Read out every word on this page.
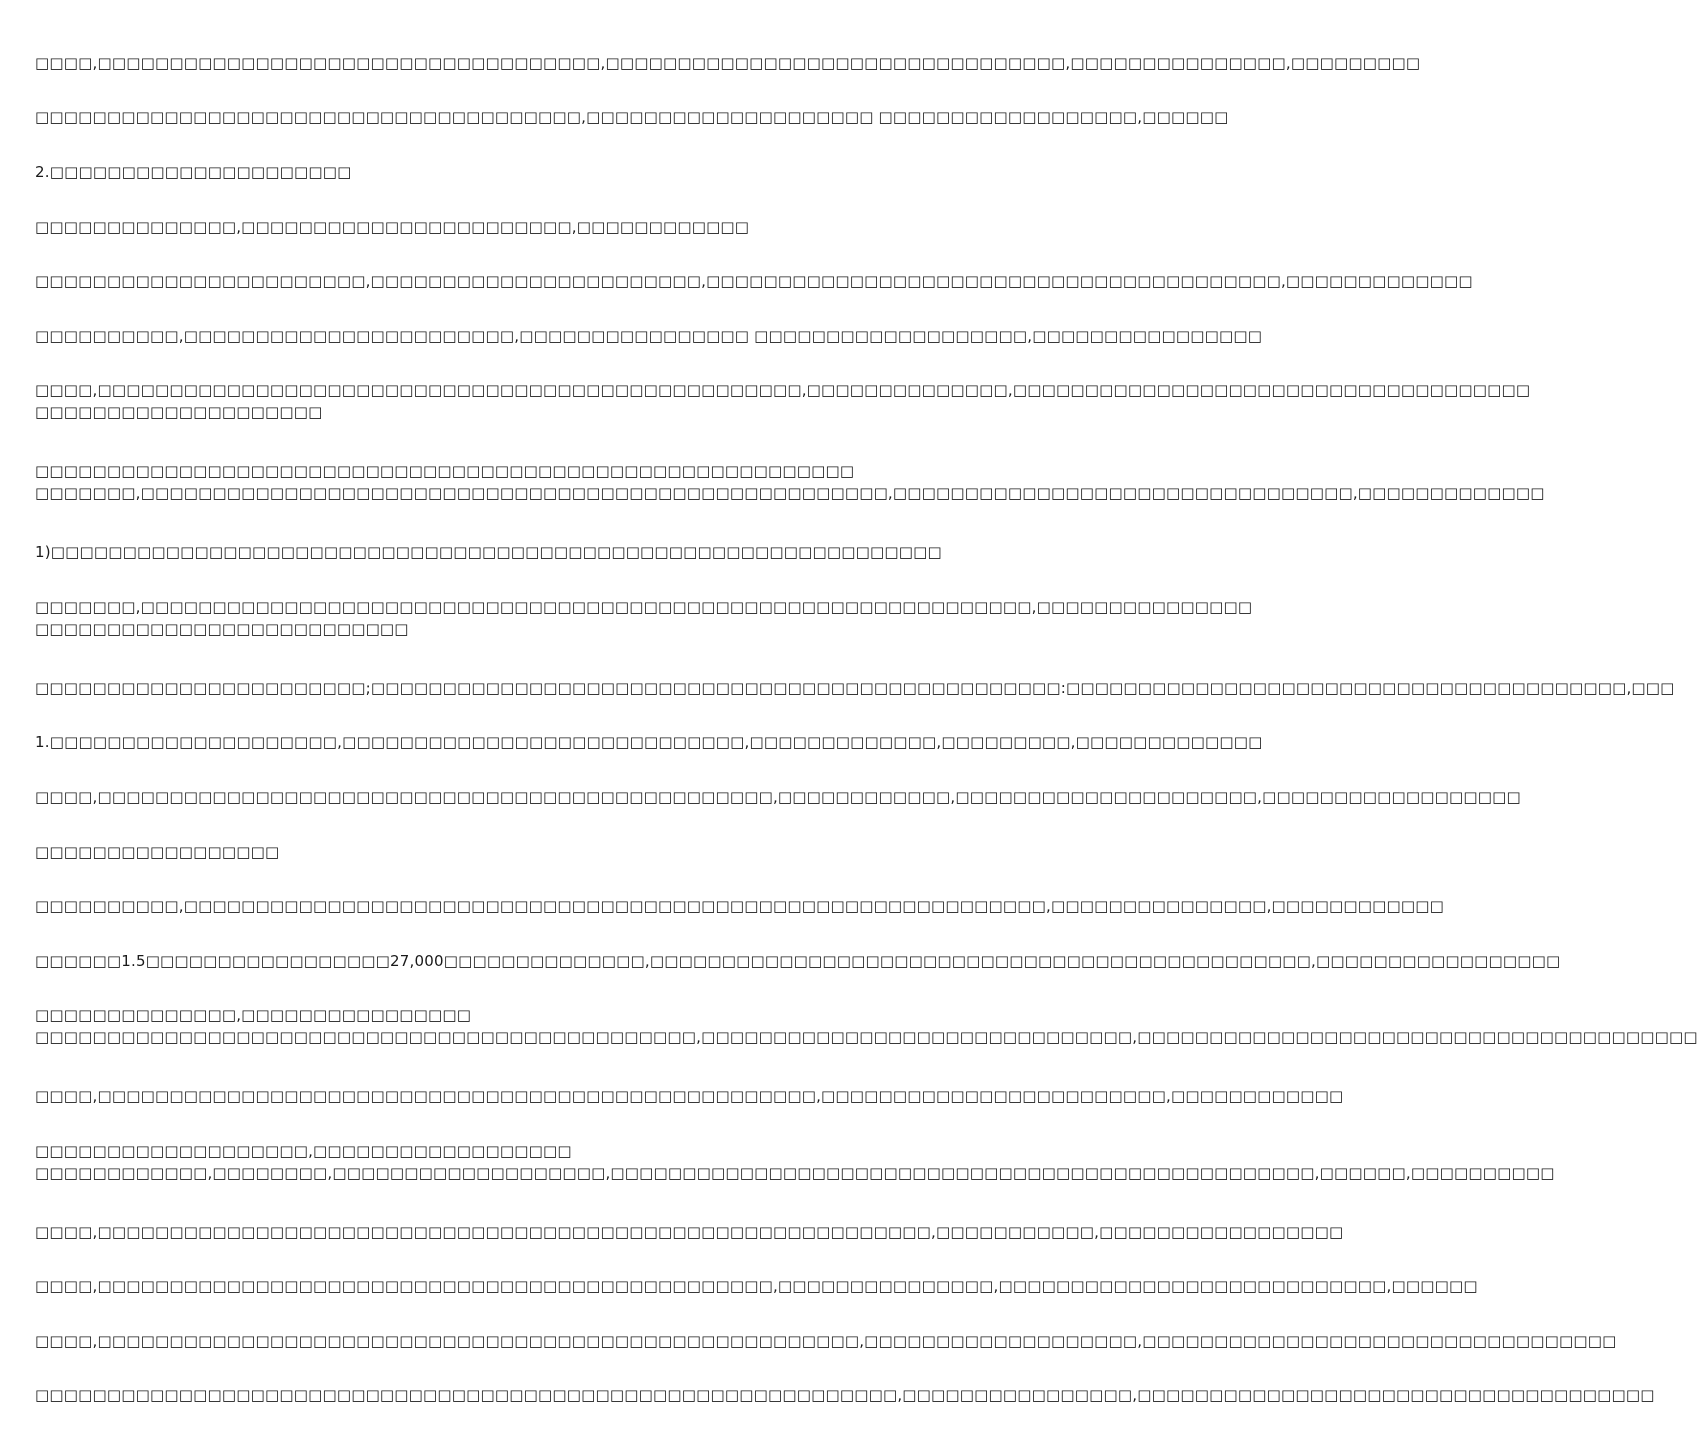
□□□□,□□□□□□□□□□□□□□□□□□□□□□□□□□□□□□□□□□□,□□□□□□□□□□□□□□□□□□□□□□□□□□□□□□□□,□□□□□□□□□□□□□□□,□□□□□□□□□
□□□□□□□□□□□□□□□□□□□□□□□□□□□□□□□□□□□□□□,□□□□□□□□□□□□□□□□□□□□ □□□□□□□□□□□□□□□□□□,□□□□□□
2.□□□□□□□□□□□□□□□□□□□□□
□□□□□□□□□□□□□□,□□□□□□□□□□□□□□□□□□□□□□□,□□□□□□□□□□□□
□□□□□□□□□□□□□□□□□□□□□□□,□□□□□□□□□□□□□□□□□□□□□□□,□□□□□□□□□□□□□□□□□□□□□□□□□□□□□□□□□□□□□□□□,□□□□□□□□□□□□□
□□□□□□□□□□,□□□□□□□□□□□□□□□□□□□□□□□,□□□□□□□□□□□□□□□□ □□□□□□□□□□□□□□□□□□□,□□□□□□□□□□□□□□□□
□□□□,□□□□□□□□□□□□□□□□□□□□□□□□□□□□□□□□□□□□□□□□□□□□□□□□□,□□□□□□□□□□□□□□,□□□□□□□□□□□□□□□□□□□□□□□□□□□□□□□□□□□□
□□□□□□□□□□□□□□□□□□□□
□□□□□□□□□□□□□□□□□□□□□□□□□□□□□□□□□□□□□□□□□□□□□□□□□□□□□□□□□
□□□□□□□,□□□□□□□□□□□□□□□□□□□□□□□□□□□□□□□□□□□□□□□□□□□□□□□□□□□□,□□□□□□□□□□□□□□□□□□□□□□□□□□□□□□□□,□□□□□□□□□□□□□
1)□□□□□□□□□□□□□□□□□□□□□□□□□□□□□□□□□□□□□□□□□□□□□□□□□□□□□□□□□□□□□□
□□□□□□□,□□□□□□□□□□□□□□□□□□□□□□□□□□□□□□□□□□□□□□□□□□□□□□□□□□□□□□□□□□□□□□,□□□□□□□□□□□□□□□
□□□□□□□□□□□□□□□□□□□□□□□□□□
□□□□□□□□□□□□□□□□□□□□□□□;□□□□□□□□□□□□□□□□□□□□□□□□□□□□□□□□□□□□□□□□□□□□□□□□:□□□□□□□□□□□□□□□□□□□□□□□□□□□□□□□□□□□□□□□,□□□
1.□□□□□□□□□□□□□□□□□□□□,□□□□□□□□□□□□□□□□□□□□□□□□□□□□,□□□□□□□□□□□□□,□□□□□□□□□,□□□□□□□□□□□□□
□□□□,□□□□□□□□□□□□□□□□□□□□□□□□□□□□□□□□□□□□□□□□□□□□□□□,□□□□□□□□□□□□,□□□□□□□□□□□□□□□□□□□□□,□□□□□□□□□□□□□□□□□□
□□□□□□□□□□□□□□□□□
□□□□□□□□□□,□□□□□□□□□□□□□□□□□□□□□□□□□□□□□□□□□□□□□□□□□□□□□□□□□□□□□□□□□□□□,□□□□□□□□□□□□□□□,□□□□□□□□□□□□
□□□□□□1.5□□□□□□□□□□□□□□□□□27,000□□□□□□□□□□□□□□,□□□□□□□□□□□□□□□□□□□□□□□□□□□□□□□□□□□□□□□□□□□□□□,□□□□□□□□□□□□□□□□□
□□□□□□□□□□□□□□,□□□□□□□□□□□□□□□□
□□□□□□□□□□□□□□□□□□□□□□□□□□□□□□□□□□□□□□□□□□□□□□,□□□□□□□□□□□□□□□□□□□□□□□□□□□□□□,□□□□□□□□□□□□□□□□□□□□□□□□□□□□□□□□□□□□□□□
□□□□,□□□□□□□□□□□□□□□□□□□□□□□□□□□□□□□□□□□□□□□□□□□□□□□□□□,□□□□□□□□□□□□□□□□□□□□□□□□,□□□□□□□□□□□□
□□□□□□□□□□□□□□□□□□□,□□□□□□□□□□□□□□□□□□
□□□□□□□□□□□□,□□□□□□□□,□□□□□□□□□□□□□□□□□□□,□□□□□□□□□□□□□□□□□□□□□□□□□□□□□□□□□□□□□□□□□□□□□□□□□,□□□□□□,□□□□□□□□□□
□□□□,□□□□□□□□□□□□□□□□□□□□□□□□□□□□□□□□□□□□□□□□□□□□□□□□□□□□□□□□□□,□□□□□□□□□□□,□□□□□□□□□□□□□□□□□
□□□□,□□□□□□□□□□□□□□□□□□□□□□□□□□□□□□□□□□□□□□□□□□□□□□□,□□□□□□□□□□□□□□□,□□□□□□□□□□□□□□□□□□□□□□□□□□□,□□□□□□
□□□□,□□□□□□□□□□□□□□□□□□□□□□□□□□□□□□□□□□□□□□□□□□□□□□□□□□□□□,□□□□□□□□□□□□□□□□□□□,□□□□□□□□□□□□□□□□□□□□□□□□□□□□□□□□□
□□□□□□□□□□□□□□□□□□□□□□□□□□□□□□□□□□□□□□□□□□□□□□□□□□□□□□□□□□□□,□□□□□□□□□□□□□□□□,□□□□□□□□□□□□□□□□□□□□□□□□□□□□□□□□□□□□
